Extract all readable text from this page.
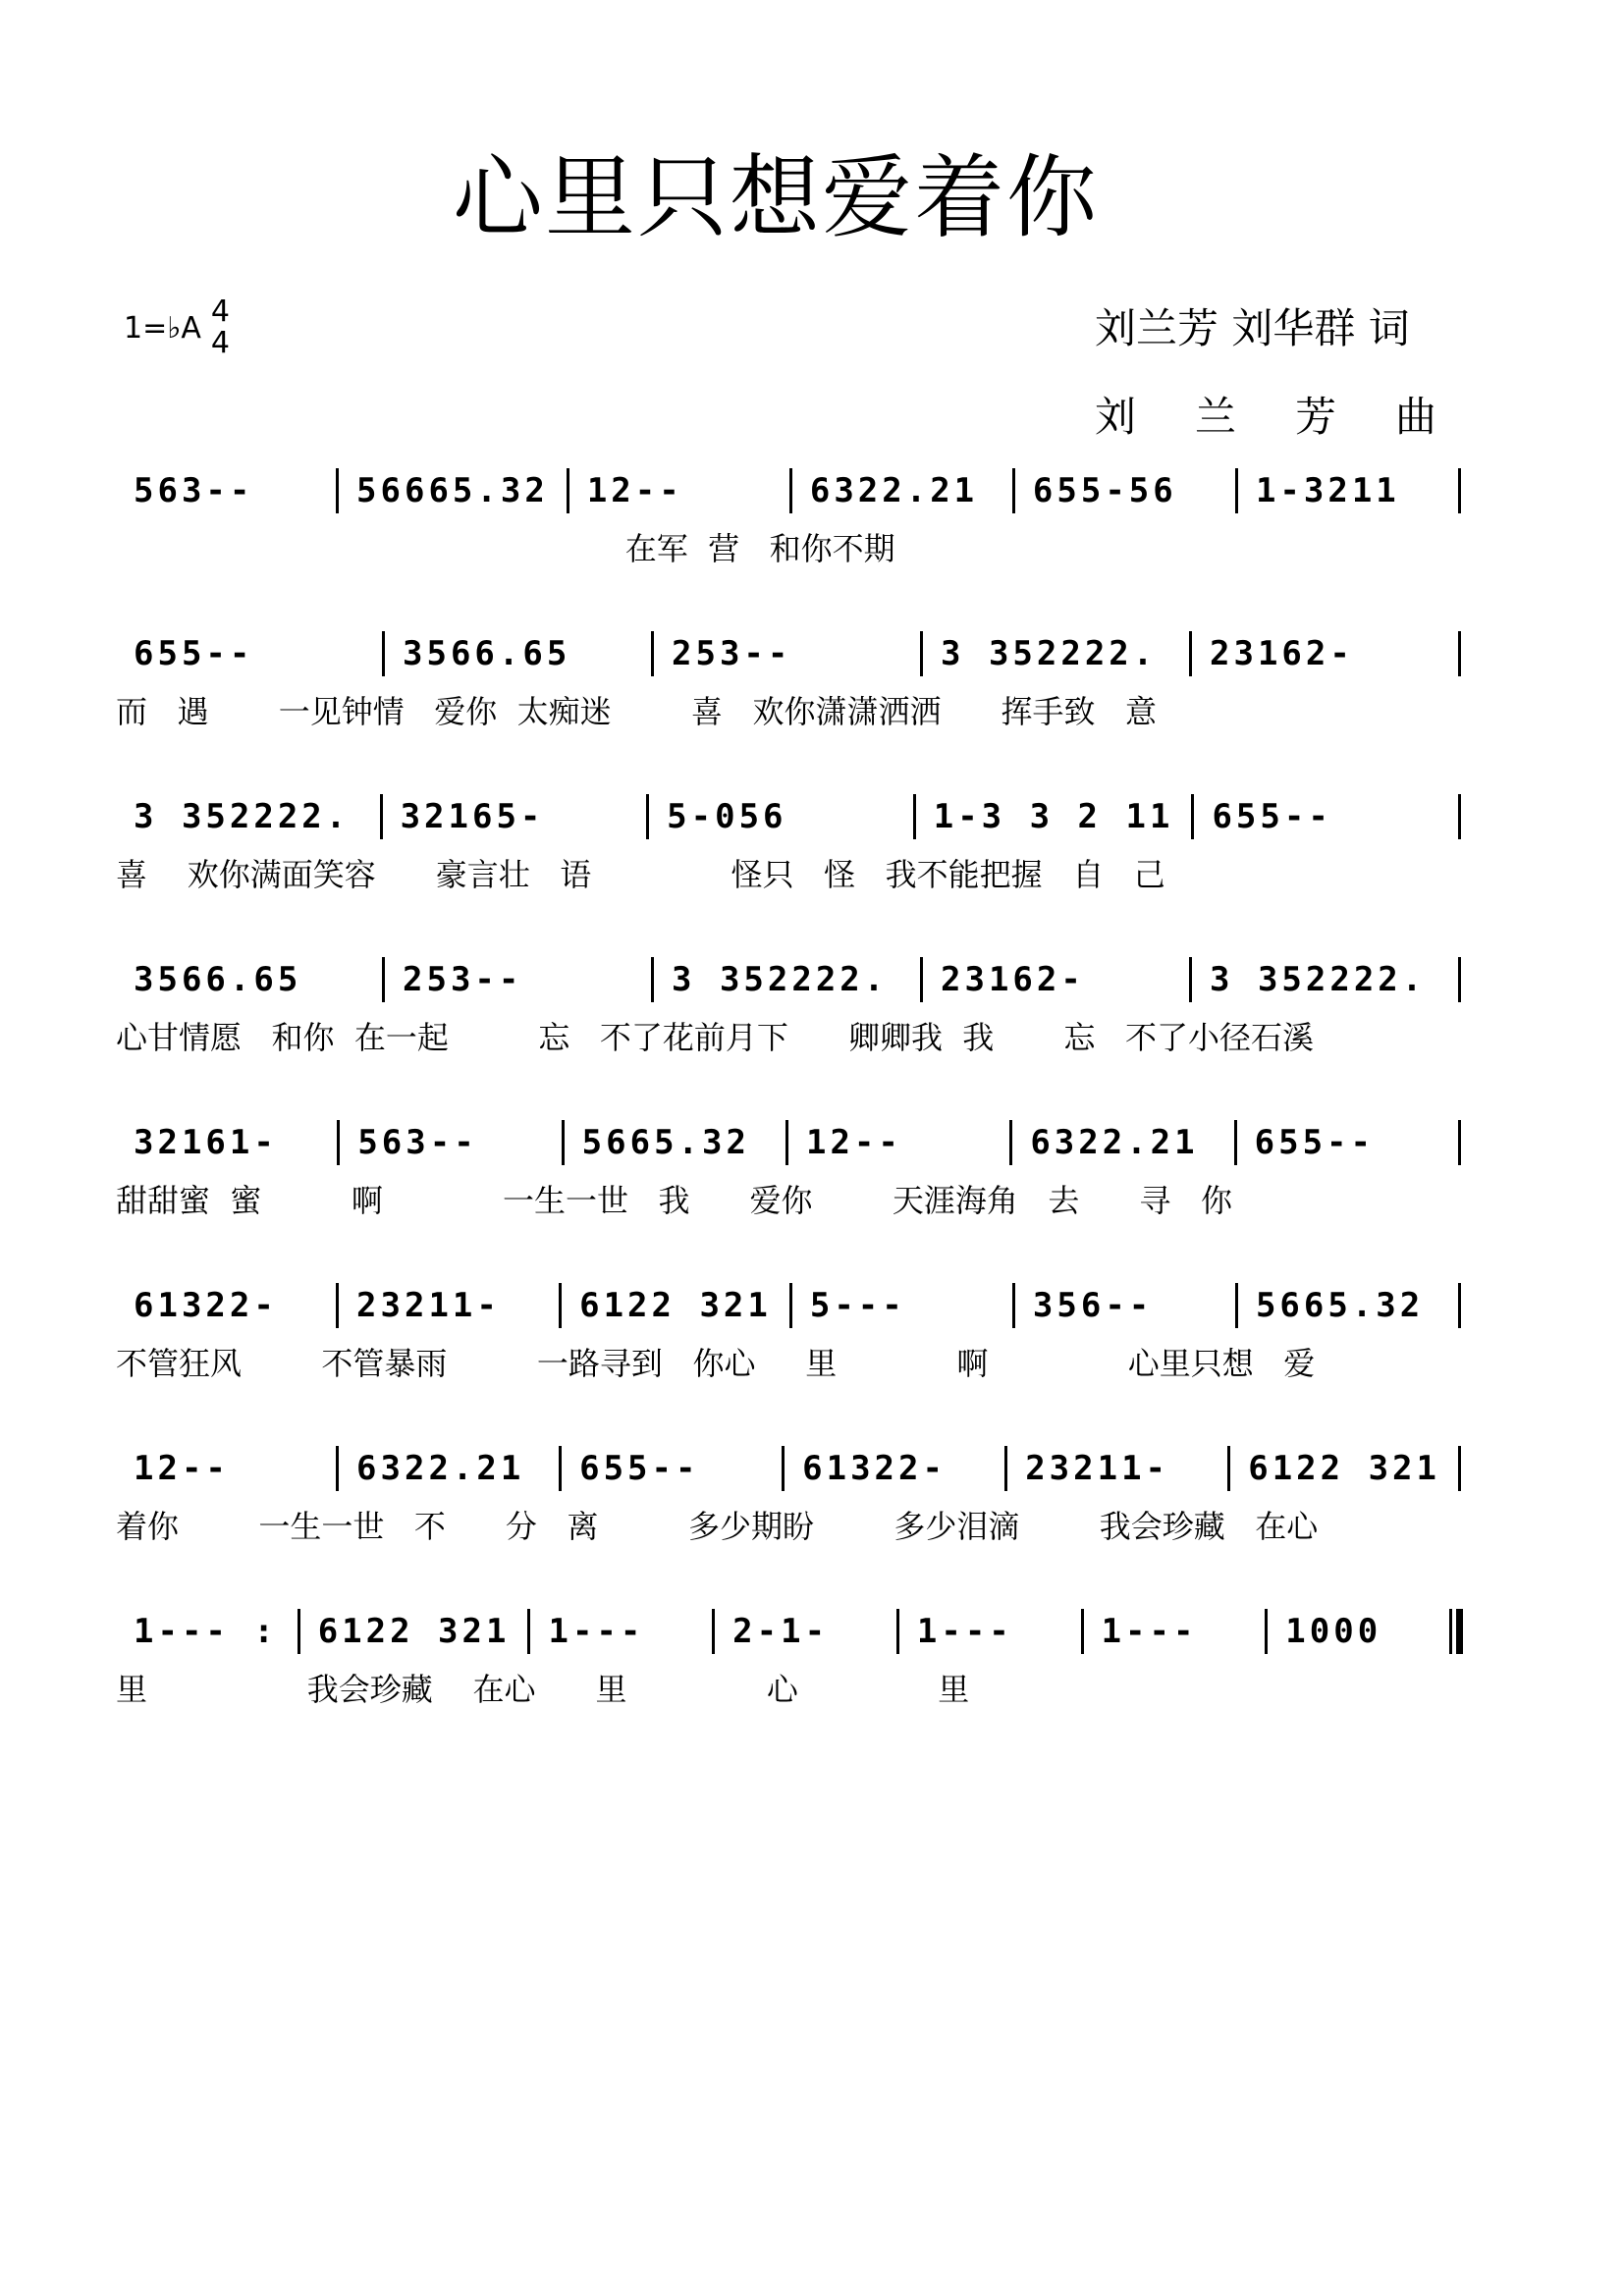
心里只想爱着你
1=♭A 4
4	刘兰芳 刘华群 词
刘兰芳曲
563--	56665.32	12--	6322.21	655-56	1-3211
在军  营   和你不期
655--	3566.65	253--	3 352222.	23162-
而   遇       一见钟情   爱你  太痴迷        喜   欢你潇潇洒洒      挥手致   意
3 352222.	32165-	5-056	1-3 3 2 11	655--
喜    欢你满面笑容      豪言壮   语              怪只   怪   我不能把握   自   己
3566.65	253--	3 352222.	23162-	3 352222.
心甘情愿   和你  在一起         忘   不了花前月下      卿卿我  我       忘   不了小径石溪
32161-	563--	5665.32	12--	6322.21	655--
甜甜蜜  蜜         啊            一生一世   我      爱你        天涯海角   去      寻   你
61322-	23211-	6122 321	5---	356--	5665.32
不管狂风        不管暴雨         一路寻到   你心     里            啊              心里只想   爱
12--	6322.21	655--	61322-	23211-	6122 321
着你        一生一世   不      分   离         多少期盼        多少泪滴        我会珍藏   在心
1--- :	6122 321	1---	2-1-	1---	1---	1000
里                我会珍藏    在心      里              心              里
